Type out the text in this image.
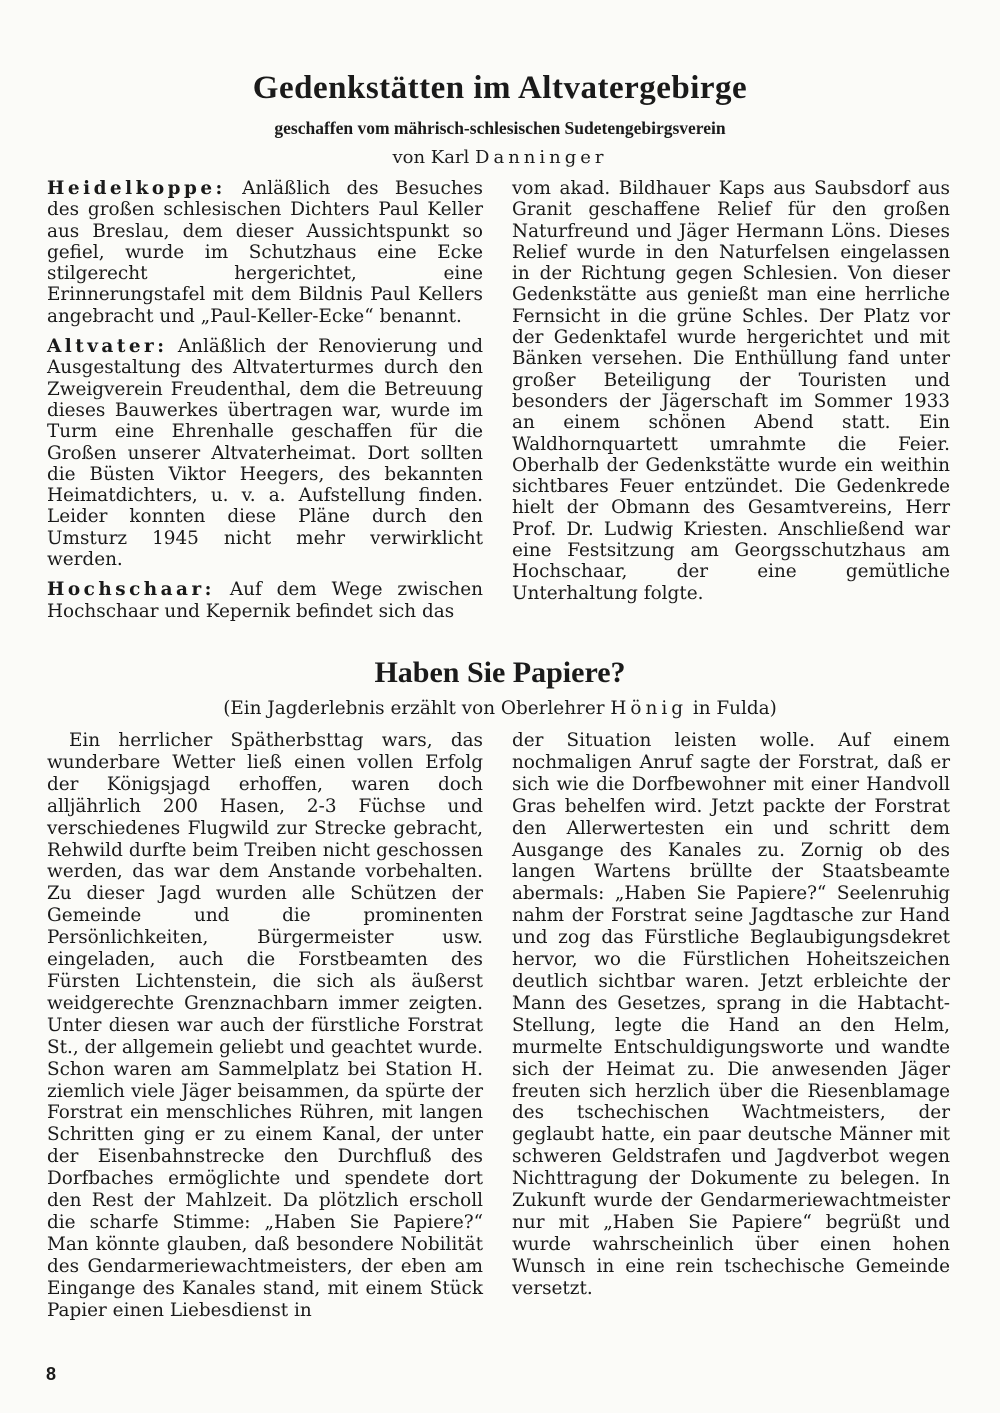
Gedenkstätten im Altvatergebirge
geschaffen vom mährisch-schlesischen Sudetengebirgsverein
von Karl Danninger

Heidelkoppe: Anläßlich des Besuches des großen schlesischen Dichters Paul Keller aus Breslau, dem dieser Aussichtspunkt so gefiel, wurde im Schutzhaus eine Ecke stilgerecht hergerichtet, eine Erinnerungstafel mit dem Bildnis Paul Kellers angebracht und „Paul-Keller-Ecke“ benannt.

Altvater: Anläßlich der Renovierung und Ausgestaltung des Altvaterturmes durch den Zweigverein Freudenthal, dem die Betreuung dieses Bauwerkes übertragen war, wurde im Turm eine Ehrenhalle geschaffen für die Großen unserer Altvaterheimat. Dort sollten die Büsten Viktor Heegers, des bekannten Heimatdichters, u. v. a. Aufstellung finden. Leider konnten diese Pläne durch den Umsturz 1945 nicht mehr verwirklicht werden.

Hochschaar: Auf dem Wege zwischen Hochschaar und Kepernik befindet sich das

vom akad. Bildhauer Kaps aus Saubsdorf aus Granit geschaffene Relief für den großen Naturfreund und Jäger Hermann Löns. Dieses Relief wurde in den Naturfelsen eingelassen in der Richtung gegen Schlesien. Von dieser Gedenkstätte aus genießt man eine herrliche Fernsicht in die grüne Schles. Der Platz vor der Gedenktafel wurde hergerichtet und mit Bänken versehen. Die Enthüllung fand unter großer Beteiligung der Touristen und besonders der Jägerschaft im Sommer 1933 an einem schönen Abend statt. Ein Waldhornquartett umrahmte die Feier. Oberhalb der Gedenkstätte wurde ein weithin sichtbares Feuer entzündet. Die Gedenkrede hielt der Obmann des Gesamtvereins, Herr Prof. Dr. Ludwig Kriesten. Anschließend war eine Festsitzung am Georgsschutzhaus am Hochschaar, der eine gemütliche Unterhaltung folgte.

Haben Sie Papiere?
(Ein Jagderlebnis erzählt von Oberlehrer Hönig in Fulda)

Ein herrlicher Spätherbsttag wars, das wunderbare Wetter ließ einen vollen Erfolg der Königsjagd erhoffen, waren doch alljährlich 200 Hasen, 2-3 Füchse und verschiedenes Flugwild zur Strecke gebracht, Rehwild durfte beim Treiben nicht geschossen werden, das war dem Anstande vorbehalten. Zu dieser Jagd wurden alle Schützen der Gemeinde und die prominenten Persönlichkeiten, Bürgermeister usw. eingeladen, auch die Forstbeamten des Fürsten Lichtenstein, die sich als äußerst weidgerechte Grenznachbarn immer zeigten. Unter diesen war auch der fürstliche Forstrat St., der allgemein geliebt und geachtet wurde. Schon waren am Sammelplatz bei Station H. ziemlich viele Jäger beisammen, da spürte der Forstrat ein menschliches Rühren, mit langen Schritten ging er zu einem Kanal, der unter der Eisenbahnstrecke den Durchfluß des Dorfbaches ermöglichte und spendete dort den Rest der Mahlzeit. Da plötzlich erscholl die scharfe Stimme: „Haben Sie Papiere?“ Man könnte glauben, daß besondere Nobilität des Gendarmeriewachtmeisters, der eben am Eingange des Kanales stand, mit einem Stück Papier einen Liebesdienst in

der Situation leisten wolle. Auf einem nochmaligen Anruf sagte der Forstrat, daß er sich wie die Dorfbewohner mit einer Handvoll Gras behelfen wird. Jetzt packte der Forstrat den Allerwertesten ein und schritt dem Ausgange des Kanales zu. Zornig ob des langen Wartens brüllte der Staatsbeamte abermals: „Haben Sie Papiere?“ Seelenruhig nahm der Forstrat seine Jagdtasche zur Hand und zog das Fürstliche Beglaubigungsdekret hervor, wo die Fürstlichen Hoheitszeichen deutlich sichtbar waren. Jetzt erbleichte der Mann des Gesetzes, sprang in die Habtacht-Stellung, legte die Hand an den Helm, murmelte Entschuldigungsworte und wandte sich der Heimat zu. Die anwesenden Jäger freuten sich herzlich über die Riesenblamage des tschechischen Wachtmeisters, der geglaubt hatte, ein paar deutsche Männer mit schweren Geldstrafen und Jagdverbot wegen Nichttragung der Dokumente zu belegen. In Zukunft wurde der Gendarmeriewachtmeister nur mit „Haben Sie Papiere“ begrüßt und wurde wahrscheinlich über einen hohen Wunsch in eine rein tschechische Gemeinde versetzt.

8
